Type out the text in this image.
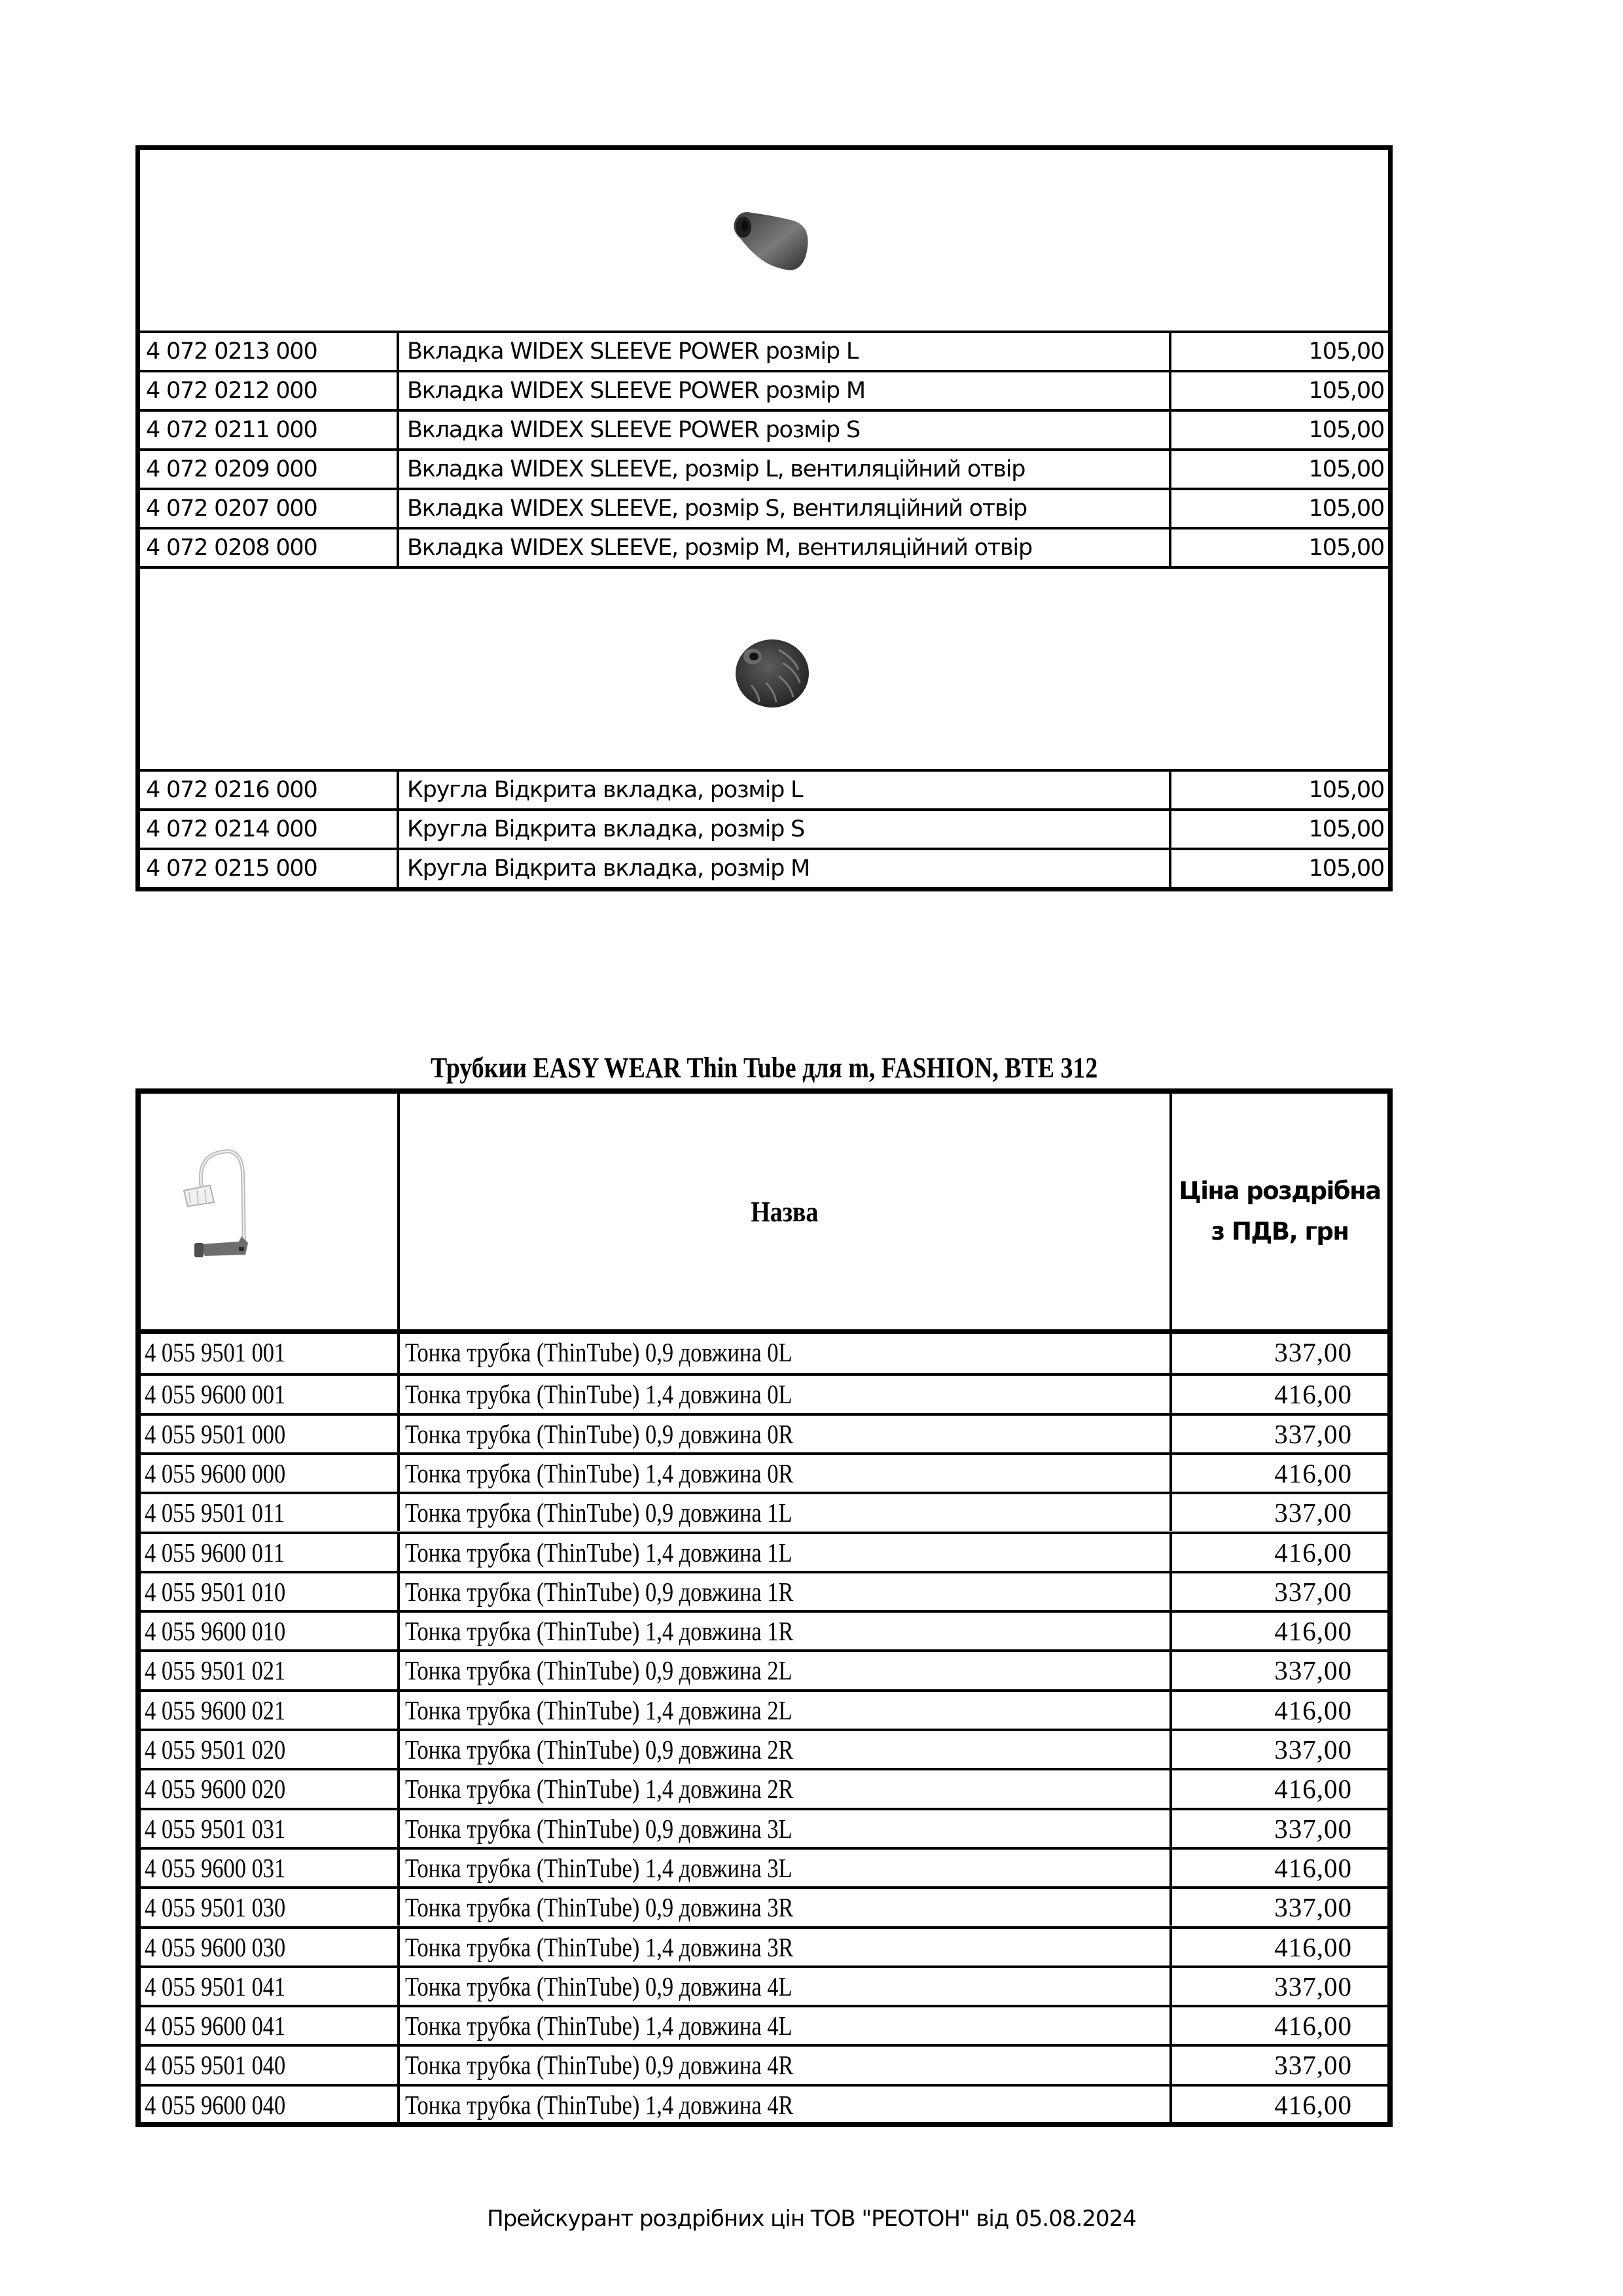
4 072 0213 000	Вкладка WIDEX SLEEVE POWER розмір L	105,00
4 072 0212 000	Вкладка WIDEX SLEEVE POWER розмір M	105,00
4 072 0211 000	Вкладка WIDEX SLEEVE POWER розмір S	105,00
4 072 0209 000	Вкладка WIDEX SLEEVE, розмір L, вентиляційний отвір	105,00
4 072 0207 000	Вкладка WIDEX SLEEVE, розмір S, вентиляційний отвір	105,00
4 072 0208 000	Вкладка WIDEX SLEEVE, розмір M, вентиляційний отвір	105,00
4 072 0216 000	Кругла Відкрита вкладка, розмір L	105,00
4 072 0214 000	Кругла Відкрита вкладка, розмір S	105,00
4 072 0215 000	Кругла Відкрита вкладка, розмір M	105,00
Трубкии EASY WEAR Thin Tube для m, FASHION, BTE 312
Назва
Ціна роздрібна
з ПДВ, грн
4 055 9501 001	Тонка трубка (ThinTube) 0,9 довжина 0L	337,00
4 055 9600 001	Тонка трубка (ThinTube) 1,4 довжина 0L	416,00
4 055 9501 000	Тонка трубка (ThinTube) 0,9 довжина 0R	337,00
4 055 9600 000	Тонка трубка (ThinTube) 1,4 довжина 0R	416,00
4 055 9501 011	Тонка трубка (ThinTube) 0,9 довжина 1L	337,00
4 055 9600 011	Тонка трубка (ThinTube) 1,4 довжина 1L	416,00
4 055 9501 010	Тонка трубка (ThinTube) 0,9 довжина 1R	337,00
4 055 9600 010	Тонка трубка (ThinTube) 1,4 довжина 1R	416,00
4 055 9501 021	Тонка трубка (ThinTube) 0,9 довжина 2L	337,00
4 055 9600 021	Тонка трубка (ThinTube) 1,4 довжина 2L	416,00
4 055 9501 020	Тонка трубка (ThinTube) 0,9 довжина 2R	337,00
4 055 9600 020	Тонка трубка (ThinTube) 1,4 довжина 2R	416,00
4 055 9501 031	Тонка трубка (ThinTube) 0,9 довжина 3L	337,00
4 055 9600 031	Тонка трубка (ThinTube) 1,4 довжина 3L	416,00
4 055 9501 030	Тонка трубка (ThinTube) 0,9 довжина 3R	337,00
4 055 9600 030	Тонка трубка (ThinTube) 1,4 довжина 3R	416,00
4 055 9501 041	Тонка трубка (ThinTube) 0,9 довжина 4L	337,00
4 055 9600 041	Тонка трубка (ThinTube) 1,4 довжина 4L	416,00
4 055 9501 040	Тонка трубка (ThinTube) 0,9 довжина 4R	337,00
4 055 9600 040	Тонка трубка (ThinTube) 1,4 довжина 4R	416,00
Прейскурант роздрібних цін ТОВ "РЕОТОН" від 05.08.2024
